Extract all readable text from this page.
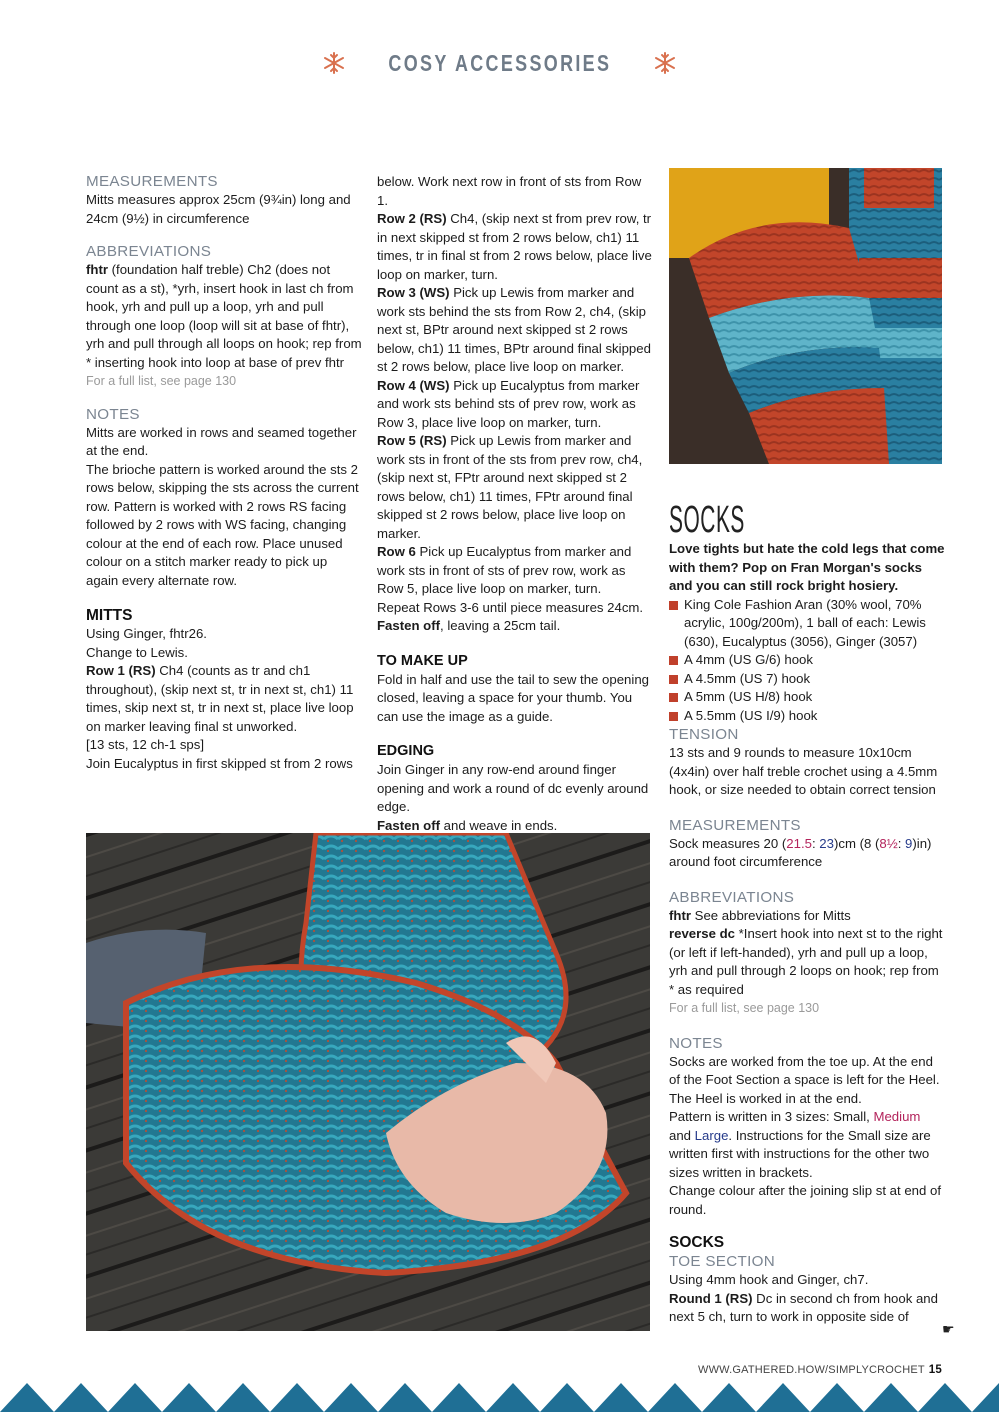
COSY ACCESSORIES
MEASUREMENTS

Mitts measures approx 25cm (9¾in) long and 24cm (9½) in circumference

ABBREVIATIONS

fhtr (foundation half treble) Ch2 (does not count as a st), *yrh, insert hook in last ch from hook, yrh and pull up a loop, yrh and pull through one loop (loop will sit at base of fhtr), yrh and pull through all loops on hook; rep from * inserting hook into loop at base of prev fhtr

For a full list, see page 130

NOTES

Mitts are worked in rows and seamed together at the end.

The brioche pattern is worked around the sts 2 rows below, skipping the sts across the current row. Pattern is worked with 2 rows RS facing followed by 2 rows with WS facing, changing colour at the end of each row. Place unused colour on a stitch marker ready to pick up again every alternate row.

MITTS

Using Ginger, fhtr26.

Change to Lewis.

Row 1 (RS) Ch4 (counts as tr and ch1 throughout), (skip next st, tr in next st, ch1) 11 times, skip next st, tr in next st, place live loop on marker leaving final st unworked.

[13 sts, 12 ch-1 sps]

Join Eucalyptus in first skipped st from 2 rows

below. Work next row in front of sts from Row 1.

Row 2 (RS) Ch4, (skip next st from prev row, tr in next skipped st from 2 rows below, ch1) 11 times, tr in final st from 2 rows below, place live loop on marker, turn.

Row 3 (WS) Pick up Lewis from marker and work sts behind the sts from Row 2, ch4, (skip next st, BPtr around next skipped st 2 rows below, ch1) 11 times, BPtr around final skipped st 2 rows below, place live loop on marker.

Row 4 (WS) Pick up Eucalyptus from marker and work sts behind sts of prev row, work as Row 3, place live loop on marker, turn.

Row 5 (RS) Pick up Lewis from marker and work sts in front of the sts from prev row, ch4, (skip next st, FPtr around next skipped st 2 rows below, ch1) 11 times, FPtr around final skipped st 2 rows below, place live loop on marker.

Row 6 Pick up Eucalyptus from marker and work sts in front of sts of prev row, work as Row 5, place live loop on marker, turn.

Repeat Rows 3-6 until piece measures 24cm.

Fasten off, leaving a 25cm tail.

TO MAKE UP

Fold in half and use the tail to sew the opening closed, leaving a space for your thumb. You can use the image as a guide.

EDGING

Join Ginger in any row-end around finger opening and work a round of dc evenly around edge.

Fasten off and weave in ends.

SOCKS

Love tights but hate the cold legs that come with them? Pop on Fran Morgan's socks and you can still rock bright hosiery.

King Cole Fashion Aran (30% wool, 70% acrylic, 100g/200m), 1 ball of each: Lewis (630), Eucalyptus (3056), Ginger (3057)
A 4mm (US G/6) hook
A 4.5mm (US 7) hook
A 5mm (US H/8) hook
A 5.5mm (US I/9) hook
TENSION

13 sts and 9 rounds to measure 10x10cm (4x4in) over half treble crochet using a 4.5mm hook, or size needed to obtain correct tension

MEASUREMENTS

Sock measures 20 (21.5: 23)cm (8 (8½: 9)in)
around foot circumference

ABBREVIATIONS

fhtr See abbreviations for Mitts

reverse dc *Insert hook into next st to the right (or left if left-handed), yrh and pull up a loop, yrh and pull through 2 loops on hook; rep from * as required

For a full list, see page 130

NOTES

Socks are worked from the toe up. At the end of the Foot Section a space is left for the Heel. The Heel is worked in at the end.

Pattern is written in 3 sizes: Small, Medium and Large. Instructions for the Small size are written first with instructions for the other two sizes written in brackets.

Change colour after the joining slip st at end of round.

SOCKS
TOE SECTION

Using 4mm hook and Ginger, ch7.

Round 1 (RS) Dc in second ch from hook and next 5 ch, turn to work in opposite side of

☛
WWW.GATHERED.HOW/SIMPLYCROCHET 15
